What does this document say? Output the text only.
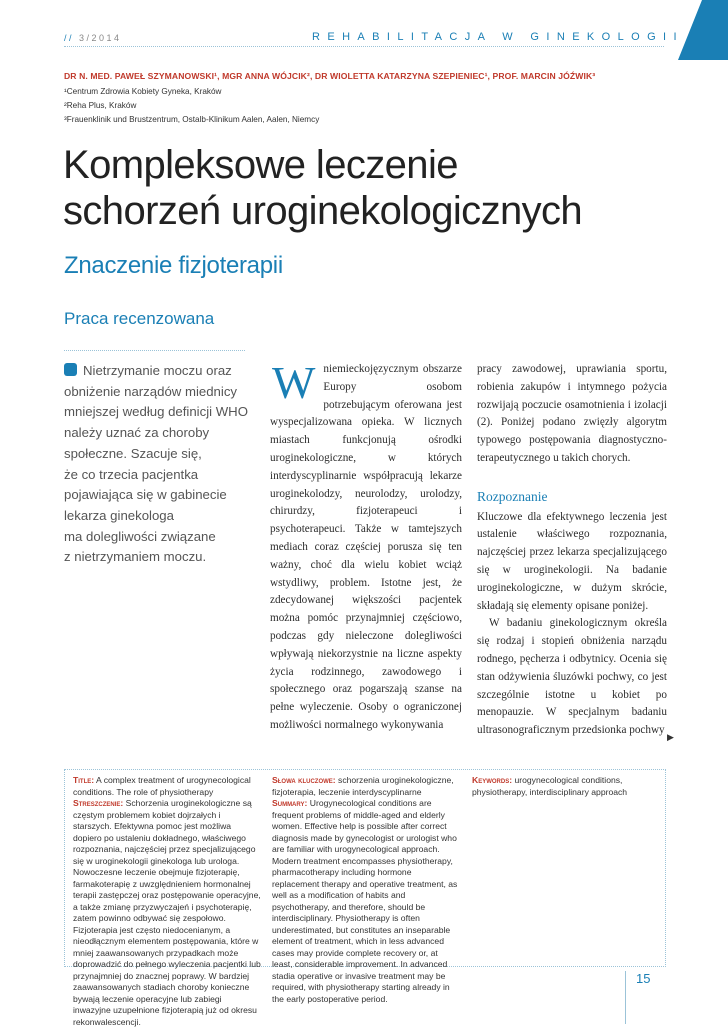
// 3/2014	REHABILITACJA W GINEKOLOGII
DR N. MED. PAWEŁ SZYMANOWSKI¹, MGR ANNA WÓJCIK², DR WIOLETTA KATARZYNA SZEPIENIEC¹, PROF. MARCIN JÓŹWIK³
¹Centrum Zdrowia Kobiety Gyneka, Kraków
²Reha Plus, Kraków
³Frauenklinik und Brustzentrum, Ostalb-Klinikum Aalen, Aalen, Niemcy
Kompleksowe leczenie
schorzeń uroginekologicznych
Znaczenie fizjoterapii
Praca recenzowana
Nietrzymanie moczu oraz
obniżenie narządów miednicy
mniejszej według definicji WHO
należy uznać za choroby
społeczne. Szacuje się,
że co trzecia pacjentka
pojawiająca się w gabinecie
lekarza ginekologa
ma dolegliwości związane
z nietrzymaniem moczu.
W niemieckojęzycznym obszarze Europy osobom potrzebującym oferowana jest wyspecjalizowana opieka. W licznych miastach funkcjonują ośrodki uroginekologiczne, w których interdyscyplinarnie współpracują lekarze uroginekolodzy, neurolodzy, urolodzy, chirurdzy, fizjoterapeuci i psychoterapeuci. Także w tamtejszych mediach coraz częściej porusza się ten ważny, choć dla wielu kobiet wciąż wstydliwy, problem. Istotne jest, że zdecydowanej większości pacjentek można pomóc przynajmniej częściowo, podczas gdy nieleczone dolegliwości wpływają niekorzystnie na liczne aspekty życia rodzinnego, zawodowego i społecznego oraz pogarszają szanse na pełne wyleczenie. Osoby o ograniczonej możliwości normalnego wykonywania

▶

Title: A complex treatment of urogynecological conditions. The role of physiotherapy

Streszczenie: Schorzenia uroginekologiczne są częstym problemem kobiet dojrzałych i starszych. Efektywna pomoc jest możliwa dopiero po ustaleniu dokładnego, właściwego rozpoznania, najczęściej przez specjalizującego się w uroginekologii ginekologa lub urologa. Nowoczesne leczenie obejmuje fizjoterapię, farmakoterapię z uwzględnieniem hormonalnej terapii zastępczej oraz postępowanie operacyjne, a także zmianę przyzwyczajeń i psychoterapię, zatem powinno odbywać się zespołowo. Fizjoterapia jest często niedocenianym, a nieodłącznym elementem postępowania, które w mniej zaawansowanych przypadkach może doprowadzić do pełnego wyleczenia pacjentki lub przynajmniej do znacznej poprawy. W bardziej zaawansowanych stadiach choroby konieczne bywają leczenie operacyjne lub zabiegi inwazyjne uzupełnione fizjoterapią już od okresu rekonwalescencji.

Słowa kluczowe: schorzenia uroginekologiczne, fizjoterapia, leczenie interdyscyplinarne

Summary: Urogynecological conditions are frequent problems of middle-aged and elderly women. Effective help is possible after correct diagnosis made by gynecologist or urologist who are familiar with urogynecological approach. Modern treatment encompasses physiotherapy, pharmacotherapy including hormone replacement therapy and operative treatment, as well as a modification of habits and psychotherapy, and therefore, should be interdisciplinary. Physiotherapy is often underestimated, but constitutes an inseparable element of treatment, which in less advanced cases may provide complete recovery or, at least, considerable improvement. In advanced stadia operative or invasive treatment may be required, with physiotherapy starting already in the early postoperative period.

Keywords: urogynecological conditions, physiotherapy, interdisciplinary approach

15

pracy zawodowej, uprawiania sportu, robienia zakupów i intymnego pożycia rozwijają poczucie osamotnienia i izolacji (2). Poniżej podano zwięzły algorytm typowego postępowania diagnostyczno-terapeutycznego u takich chorych.

Rozpoznanie

Kluczowe dla efektywnego leczenia jest ustalenie właściwego rozpoznania, najczęściej przez lekarza specjalizującego się w uroginekologii. Na badanie uroginekologiczne, w dużym skrócie, składają się elementy opisane poniżej.

W badaniu ginekologicznym określa się rodzaj i stopień obniżenia narządu rodnego, pęcherza i odbytnicy. Ocenia się stan odżywienia śluzówki pochwy, co jest szczególnie istotne u kobiet po menopauzie. W specjalnym badaniu ultrasonograficznym przedsionka pochwy
